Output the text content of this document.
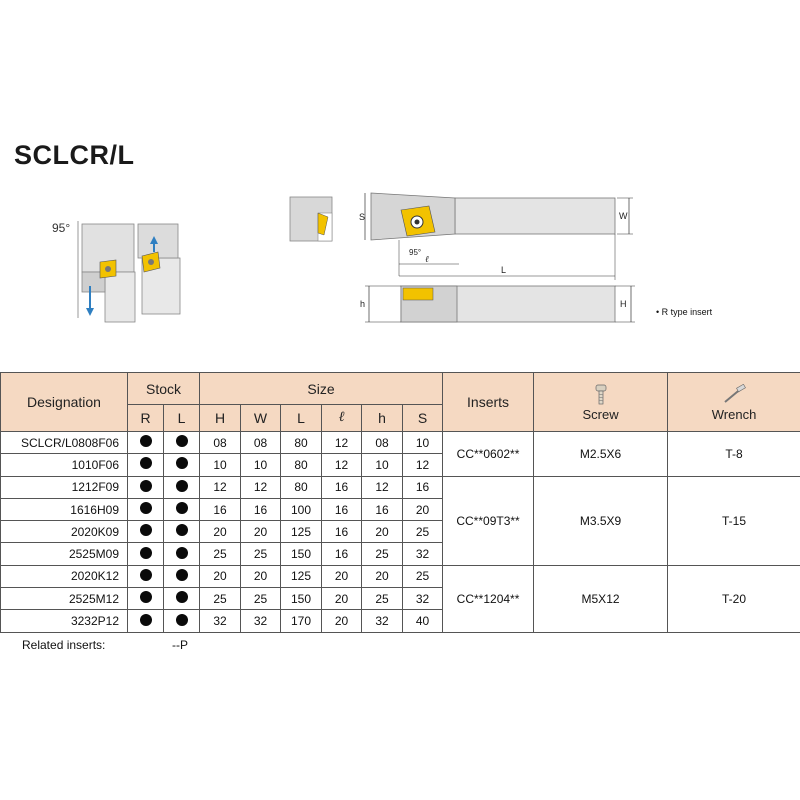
SCLCR/L
95°
S	W
95°
ℓ
L
h	H
• R type insert
Designation	Stock		Size						Inserts	Screw	Wrench

	R	L	H	W	L	ℓ	h	S			
SCLCR/L0808F06			08	08	80	12	08	10	CC**0602**	M2.5X6	T-8
1010F06			10	10	80	12	10	12			
1212F09			12	12	80	16	12	16	CC**09T3**	M3.5X9	T-15
1616H09			16	16	100	16	16	20			
2020K09			20	20	125	16	20	25			
2525M09			25	25	150	16	25	32			
2020K12			20	20	125	20	20	25	CC**1204**	M5X12	T-20
2525M12			25	25	150	20	25	32			
3232P12			32	32	170	20	32	40			
Related inserts:	--P
